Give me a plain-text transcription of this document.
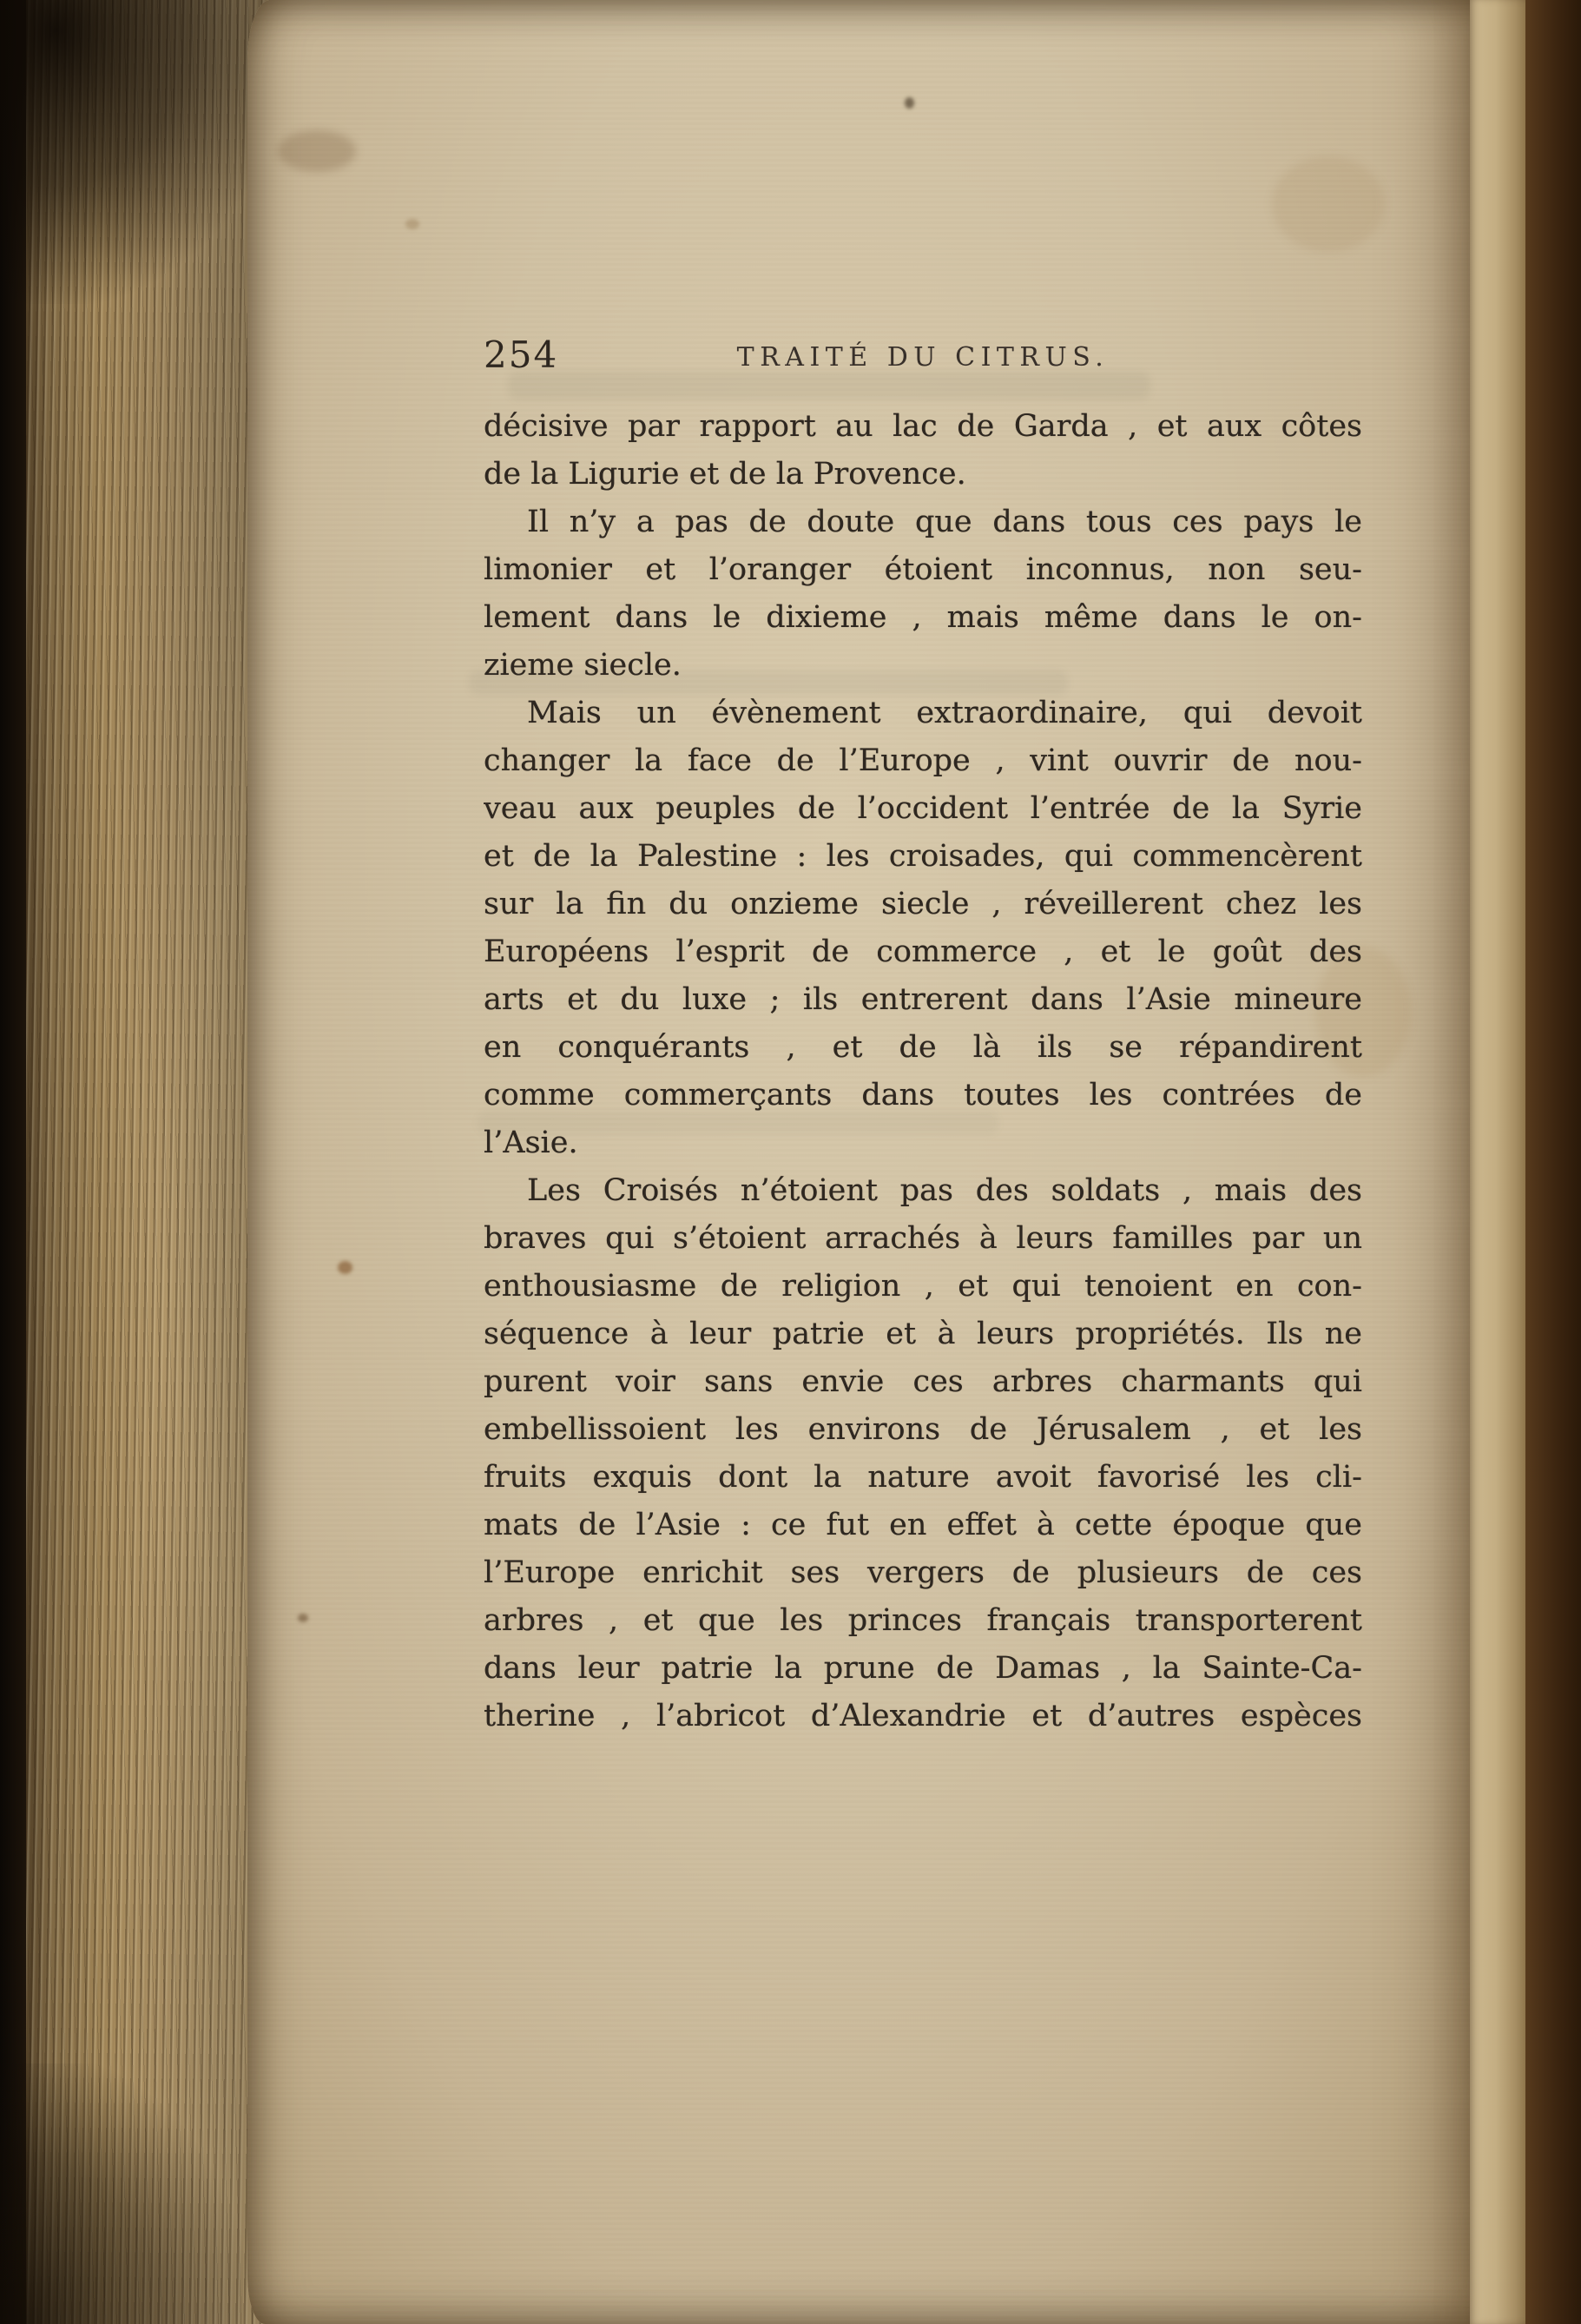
254	TRAITÉ DU CITRUS.
décisive par rapport au lac de Garda , et aux côtes
de la Ligurie et de la Provence.
Il n’y a pas de doute que dans tous ces pays le
limonier et l’oranger étoient inconnus, non seu-
lement dans le dixieme , mais même dans le on-
zieme siecle.
Mais un évènement extraordinaire, qui devoit
changer la face de l’Europe , vint ouvrir de nou-
veau aux peuples de l’occident l’entrée de la Syrie
et de la Palestine : les croisades, qui commencèrent
sur la fin du onzieme siecle , réveillerent chez les
Européens l’esprit de commerce , et le goût des
arts et du luxe ; ils entrerent dans l’Asie mineure
en conquérants , et de là ils se répandirent
comme commerçants dans toutes les contrées de
l’Asie.
Les Croisés n’étoient pas des soldats , mais des
braves qui s’étoient arrachés à leurs familles par un
enthousiasme de religion , et qui tenoient en con-
séquence à leur patrie et à leurs propriétés. Ils ne
purent voir sans envie ces arbres charmants qui
embellissoient les environs de Jérusalem , et les
fruits exquis dont la nature avoit favorisé les cli-
mats de l’Asie : ce fut en effet à cette époque que
l’Europe enrichit ses vergers de plusieurs de ces
arbres , et que les princes français transporterent
dans leur patrie la prune de Damas , la Sainte-Ca-
therine , l’abricot d’Alexandrie et d’autres espèces
